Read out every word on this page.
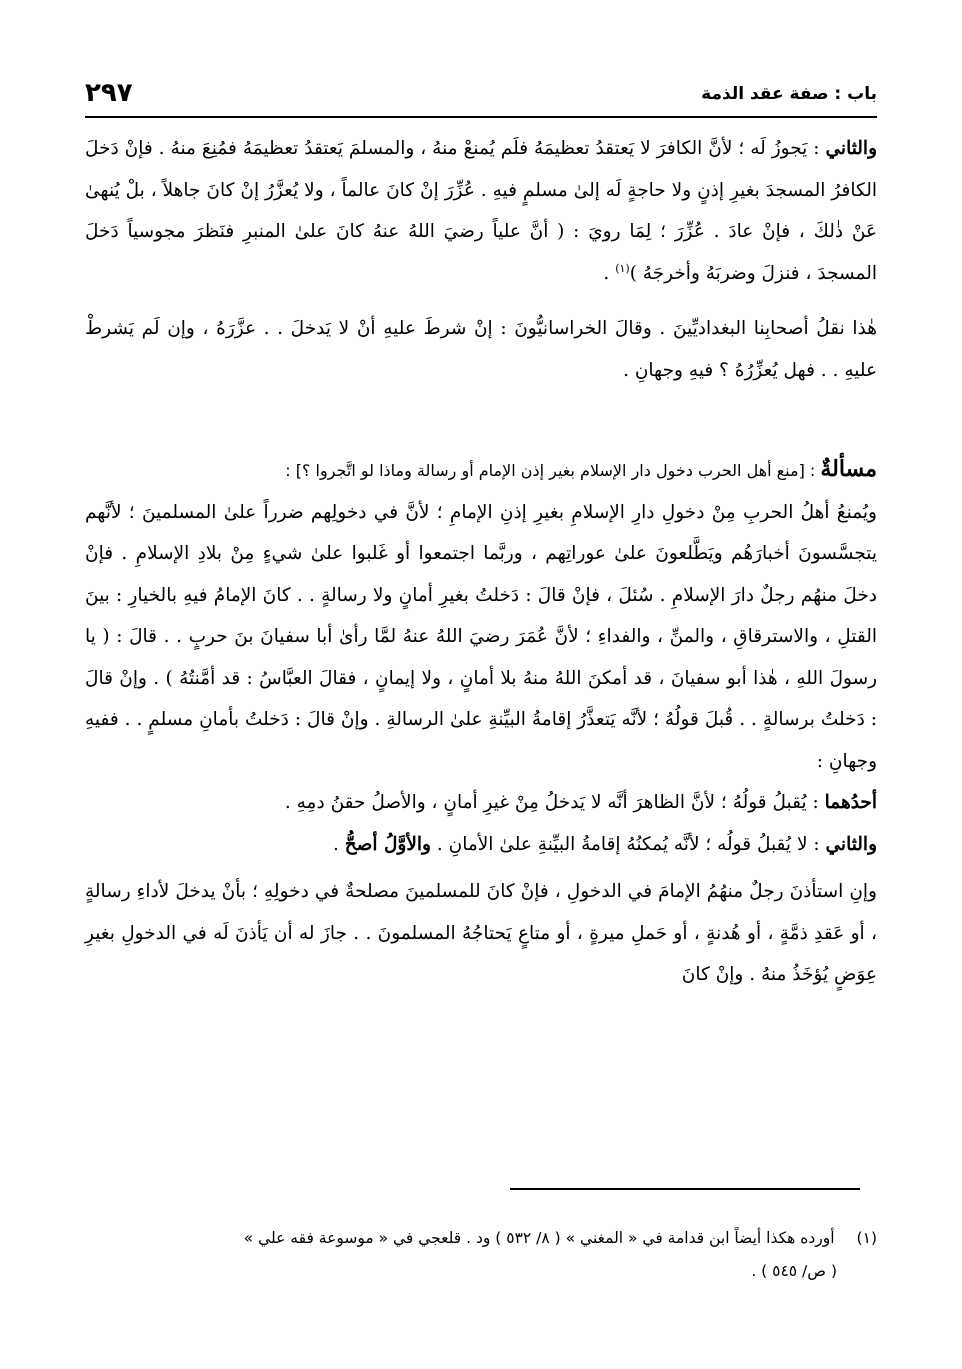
٢٩٧	باب : صفة عقد الذمة

والثاني : يَجوزُ لَه ؛ لأنَّ الكافرَ لا يَعتقدُ تعظيمَهُ فلَم يُمنعْ منهُ ، والمسلمَ يَعتقدُ تعظيمَهُ فمُنِعَ منهُ . فإنْ دَخلَ الكافرُ المسجدَ بغيرِ إذنٍ ولا حاجةٍ لَه إلىٰ مسلمٍ فيهِ . عُزِّرَ إنْ كانَ عالماً ، ولا يُعزَّرُ إنْ كانَ جاهلاً ، بلْ يُنهىٰ عَنْ ذٰلكَ ، فإنْ عادَ . عُزِّرَ ؛ لِمَا رويَ : ( أنَّ علياً رضيَ اللهُ عنهُ كانَ علىٰ المنبرِ فنَظرَ مجوسياً دَخلَ المسجدَ ، فنزلَ وضربَهُ وأخرجَهُ )$^{(١)}$ .

هٰذا نقلُ أصحابِنا البغداديِّينَ . وقالَ الخراسانيُّونَ : إنْ شرطَ عليهِ أنْ لا يَدخلَ . . عزَّرَهُ ، وإن لَم يَشرطْ عليهِ . . فهل يُعزِّرُهُ ؟ فيهِ وجهانِ .

مسألةٌ : [منع أهل الحرب دخول دار الإسلام بغير إذن الإمام أو رسالة وماذا لو اتَّجروا ؟] :

ويُمنعُ أهلُ الحربِ مِنْ دخولِ دارِ الإسلامِ بغيرِ إذنِ الإمامِ ؛ لأنَّ في دخولِهم ضرراً علىٰ المسلمينَ ؛ لأنَّهم يتجسَّسونَ أخبارَهُم ويَطَّلعونَ علىٰ عوراتِهم ، وربَّما اجتمعوا أو غَلبوا علىٰ شيءٍ مِنْ بلادِ الإسلامِ . فإنْ دخلَ منهُم رجلٌ دارَ الإسلامِ . سُئلَ ، فإنْ قالَ : دَخلتُ بغيرِ أمانٍ ولا رسالةٍ . . كانَ الإمامُ فيهِ بالخيارِ : بينَ القتلِ ، والاسترقاقِ ، والمنِّ ، والفداءِ ؛ لأنَّ عُمَرَ رضيَ اللهُ عنهُ لمَّا رأىٰ أبا سفيانَ بنَ حربٍ . . قالَ : ( يا رسولَ اللهِ ، هٰذا أبو سفيانَ ، قد أمكنَ اللهُ منهُ بلا أمانٍ ، ولا إيمانٍ ، فقالَ العبَّاسُ : قد أمَّنتُهُ ) . وإنْ قالَ : دَخلتُ برسالةٍ . . قُبلَ قولُهُ ؛ لأنَّه يَتعذَّرُ إقامةُ البيِّنةِ علىٰ الرسالةِ . وإنْ قالَ : دَخلتُ بأمانِ مسلمٍ . . ففيهِ وجهانِ :

أحدُهما : يُقبلُ قولُهُ ؛ لأنَّ الظاهرَ أنَّه لا يَدخلُ مِنْ غيرِ أمانٍ ، والأصلُ حقنُ دمِهِ .

والثاني : لا يُقبلُ قولُه ؛ لأنَّه يُمكنُهُ إقامةُ البيِّنةِ علىٰ الأمانِ . والأوَّلُ أصحُّ .

وإنِ استأذنَ رجلٌ منهُمُ الإمامَ في الدخولِ ، فإنْ كانَ للمسلمينَ مصلحةٌ في دخولِهِ ؛ بأنْ يدخلَ لأداءِ رسالةٍ ، أو عَقدِ ذمَّةٍ ، أو هُدنةٍ ، أو حَملِ ميرةٍ ، أو متاعٍ يَحتاجُهُ المسلمونَ . . جازَ له أن يَأذنَ لَه في الدخولِ بغيرِ عِوَضٍ يُؤخَذُ منهُ . وإنْ كانَ

(١)أورده هكذا أيضاً ابن قدامة في « المغني » ( ٨/ ٥٣٢ ) ود . قلعجي في « موسوعة فقه علي »

( ص/ ٥٤٥ ) .
